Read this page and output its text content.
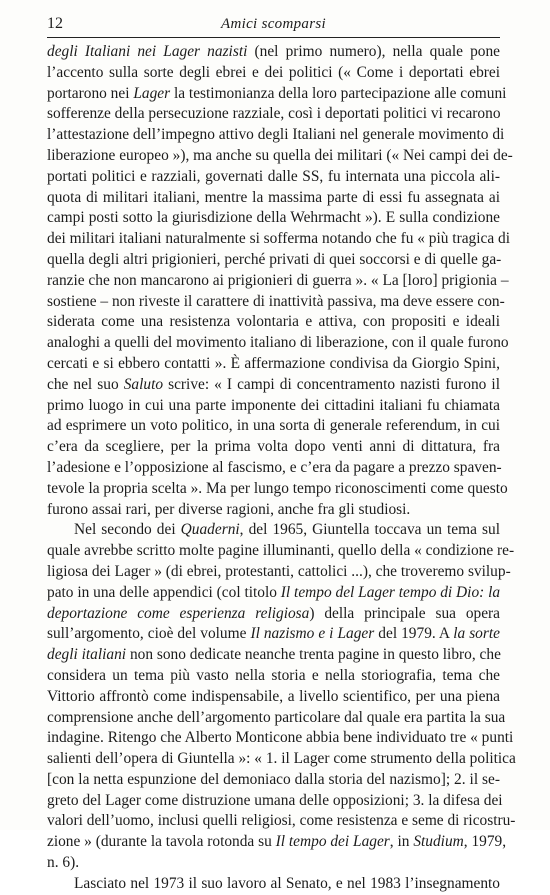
12	Amici scomparsi
degli Italiani nei Lager nazisti (nel primo numero), nella quale pone
l’accento sulla sorte degli ebrei e dei politici (« Come i deportati ebrei
portarono nei Lager la testimonianza della loro partecipazione alle comuni
sofferenze della persecuzione razziale, così i deportati politici vi recarono
l’attestazione dell’impegno attivo degli Italiani nel generale movimento di
liberazione europeo »), ma anche su quella dei militari (« Nei campi dei de-
portati politici e razziali, governati dalle SS, fu internata una piccola ali-
quota di militari italiani, mentre la massima parte di essi fu assegnata ai
campi posti sotto la giurisdizione della Wehrmacht »). E sulla condizione
dei militari italiani naturalmente si sofferma notando che fu « più tragica di
quella degli altri prigionieri, perché privati di quei soccorsi e di quelle ga-
ranzie che non mancarono ai prigionieri di guerra ». « La [loro] prigionia –
sostiene – non riveste il carattere di inattività passiva, ma deve essere con-
siderata come una resistenza volontaria e attiva, con propositi e ideali
analoghi a quelli del movimento italiano di liberazione, con il quale furono
cercati e si ebbero contatti ». È affermazione condivisa da Giorgio Spini,
che nel suo Saluto scrive: « I campi di concentramento nazisti furono il
primo luogo in cui una parte imponente dei cittadini italiani fu chiamata
ad esprimere un voto politico, in una sorta di generale referendum, in cui
c’era da scegliere, per la prima volta dopo venti anni di dittatura, fra
l’adesione e l’opposizione al fascismo, e c’era da pagare a prezzo spaven-
tevole la propria scelta ». Ma per lungo tempo riconoscimenti come questo
furono assai rari, per diverse ragioni, anche fra gli studiosi.
Nel secondo dei Quaderni, del 1965, Giuntella toccava un tema sul
quale avrebbe scritto molte pagine illuminanti, quello della « condizione re-
ligiosa dei Lager » (di ebrei, protestanti, cattolici ...), che troveremo svilup-
pato in una delle appendici (col titolo Il tempo del Lager tempo di Dio: la
deportazione come esperienza religiosa) della principale sua opera
sull’argomento, cioè del volume Il nazismo e i Lager del 1979. A la sorte
degli italiani non sono dedicate neanche trenta pagine in questo libro, che
considera un tema più vasto nella storia e nella storiografia, tema che
Vittorio affrontò come indispensabile, a livello scientifico, per una piena
comprensione anche dell’argomento particolare dal quale era partita la sua
indagine. Ritengo che Alberto Monticone abbia bene individuato tre « punti
salienti dell’opera di Giuntella »: « 1. il Lager come strumento della politica
[con la netta espunzione del demoniaco dalla storia del nazismo]; 2. il se-
greto del Lager come distruzione umana delle opposizioni; 3. la difesa dei
valori dell’uomo, inclusi quelli religiosi, come resistenza e seme di ricostru-
zione » (durante la tavola rotonda su Il tempo dei Lager, in Studium, 1979,
n. 6).
Lasciato nel 1973 il suo lavoro al Senato, e nel 1983 l’insegnamento
